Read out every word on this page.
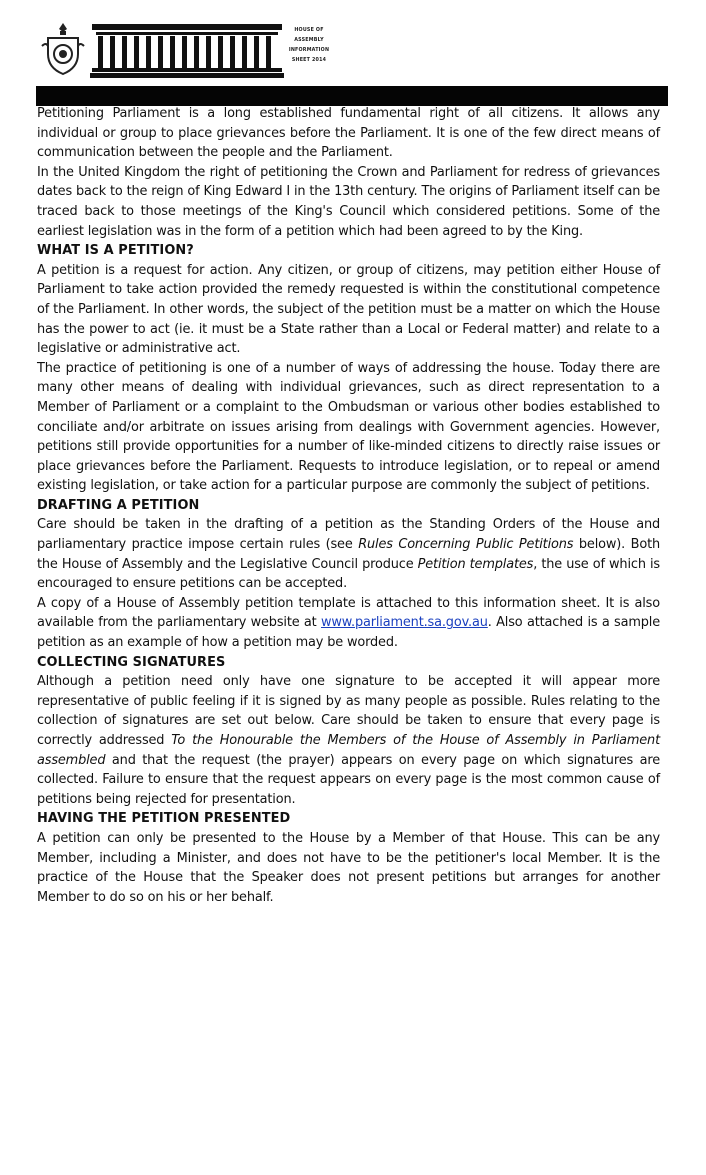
HOUSE OF
ASSEMBLY
INFORMATION
SHEET 2014

Petitioning Parliament is a long established fundamental right of all citizens. It allows any individual or group to place grievances before the Parliament. It is one of the few direct means of communication between the people and the Parliament.

In the United Kingdom the right of petitioning the Crown and Parliament for redress of grievances dates back to the reign of King Edward I in the 13th century. The origins of Parliament itself can be traced back to those meetings of the King's Council which considered petitions. Some of the earliest legislation was in the form of a petition which had been agreed to by the King.

WHAT IS A PETITION?

A petition is a request for action. Any citizen, or group of citizens, may petition either House of Parliament to take action provided the remedy requested is within the constitutional competence of the Parliament. In other words, the subject of the petition must be a matter on which the House has the power to act (ie. it must be a State rather than a Local or Federal matter) and relate to a legislative or administrative act.

The practice of petitioning is one of a number of ways of addressing the house. Today there are many other means of dealing with individual grievances, such as direct representation to a Member of Parliament or a complaint to the Ombudsman or various other bodies established to conciliate and/or arbitrate on issues arising from dealings with Government agencies. However, petitions still provide opportunities for a number of like-minded citizens to directly raise issues or place grievances before the Parliament. Requests to introduce legislation, or to repeal or amend existing legislation, or take action for a particular purpose are commonly the subject of petitions.

DRAFTING A PETITION

Care should be taken in the drafting of a petition as the Standing Orders of the House and parliamentary practice impose certain rules (see Rules Concerning Public Petitions below). Both the House of Assembly and the Legislative Council produce Petition templates, the use of which is encouraged to ensure petitions can be accepted.

A copy of a House of Assembly petition template is attached to this information sheet. It is also available from the parliamentary website at www.parliament.sa.gov.au. Also attached is a sample petition as an example of how a petition may be worded.

COLLECTING SIGNATURES

Although a petition need only have one signature to be accepted it will appear more representative of public feeling if it is signed by as many people as possible. Rules relating to the collection of signatures are set out below. Care should be taken to ensure that every page is correctly addressed To the Honourable the Members of the House of Assembly in Parliament assembled and that the request (the prayer) appears on every page on which signatures are collected. Failure to ensure that the request appears on every page is the most common cause of petitions being rejected for presentation.

HAVING THE PETITION PRESENTED

A petition can only be presented to the House by a Member of that House. This can be any Member, including a Minister, and does not have to be the petitioner's local Member. It is the practice of the House that the Speaker does not present petitions but arranges for another Member to do so on his or her behalf.
